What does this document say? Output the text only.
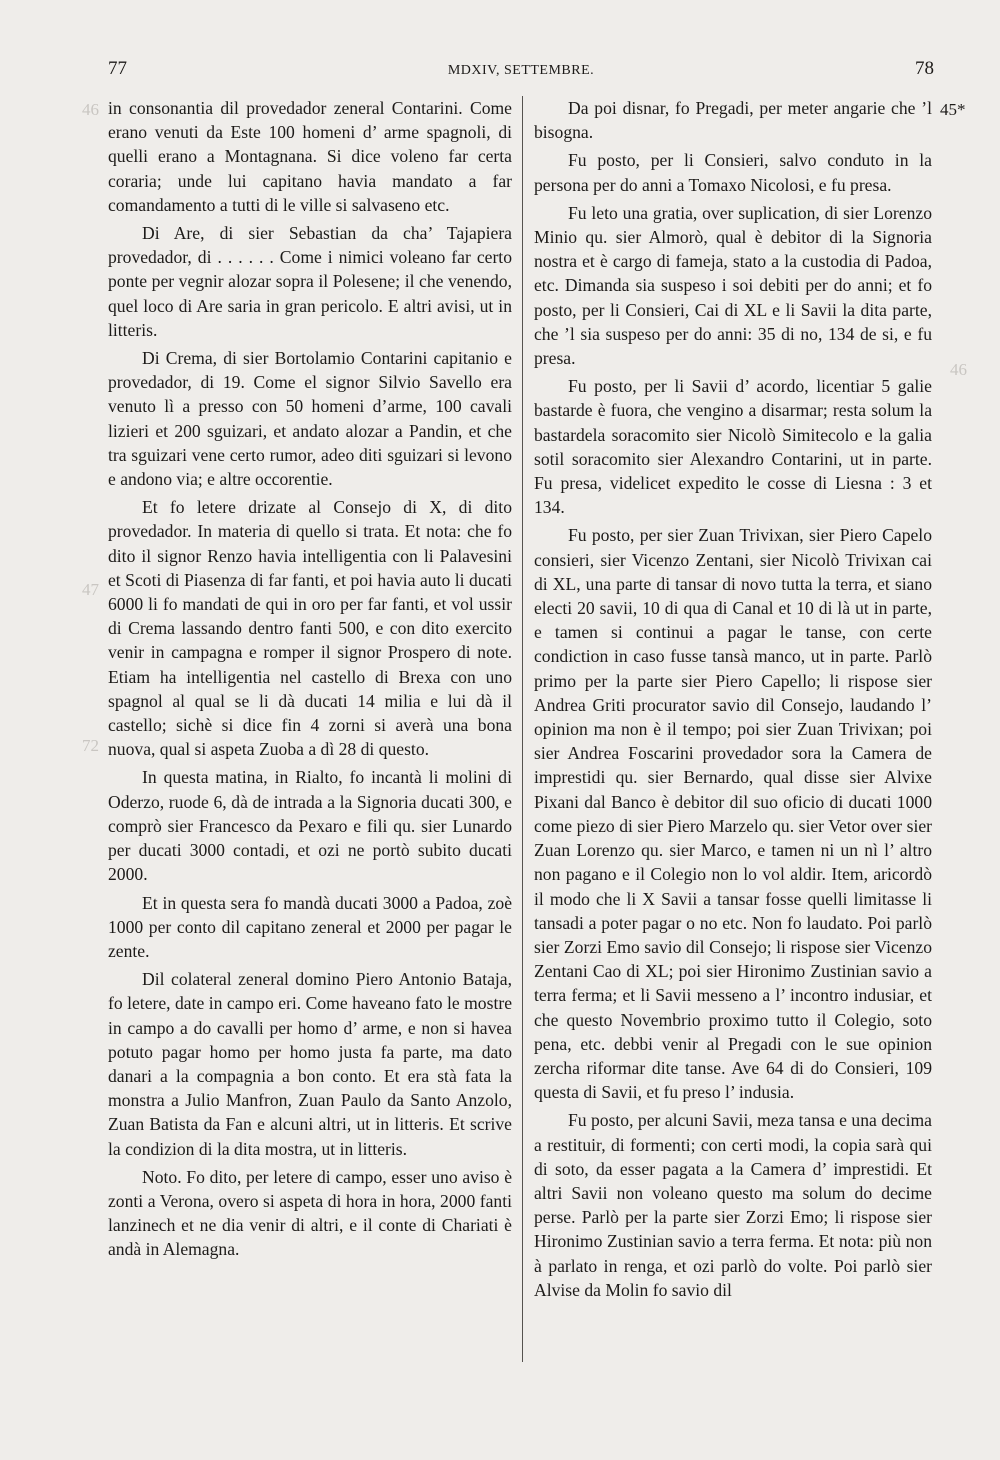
77	MDXIV, SETTEMBRE.	78
45*
46
46
47
72

in consonantia dil provedador zeneral Contarini. Come erano venuti da Este 100 homeni d’ arme spagnoli, di quelli erano a Montagnana. Si dice voleno far certa coraria; unde lui capitano havia mandato a far comandamento a tutti di le ville si salvaseno etc.

Di Are, di sier Sebastian da cha’ Tajapiera provedador, di . . . . . . Come i nimici voleano far certo ponte per vegnir alozar sopra il Polesene; il che venendo, quel loco di Are saria in gran pericolo. E altri avisi, ut in litteris.

Di Crema, di sier Bortolamio Contarini capitanio e provedador, di 19. Come el signor Silvio Savello era venuto lì a presso con 50 homeni d’arme, 100 cavali lizieri et 200 sguizari, et andato alozar a Pandin, et che tra sguizari vene certo rumor, adeo diti sguizari si levono e andono via; e altre occorentie.

Et fo letere drizate al Consejo di X, di dito provedador. In materia di quello si trata. Et nota: che fo dito il signor Renzo havia intelligentia con li Palavesini et Scoti di Piasenza di far fanti, et poi havia auto li ducati 6000 li fo mandati de qui in oro per far fanti, et vol ussir di Crema lassando dentro fanti 500, e con dito exercito venir in campagna e romper il signor Prospero di note. Etiam ha intelligentia nel castello di Brexa con uno spagnol al qual se li dà ducati 14 milia e lui dà il castello; sichè si dice fin 4 zorni si averà una bona nuova, qual si aspeta Zuoba a dì 28 di questo.

In questa matina, in Rialto, fo incantà li molini di Oderzo, ruode 6, dà de intrada a la Signoria ducati 300, e comprò sier Francesco da Pexaro e fili qu. sier Lunardo per ducati 3000 contadi, et ozi ne portò subito ducati 2000.

Et in questa sera fo mandà ducati 3000 a Padoa, zoè 1000 per conto dil capitano zeneral et 2000 per pagar le zente.

Dil colateral zeneral domino Piero Antonio Bataja, fo letere, date in campo eri. Come haveano fato le mostre in campo a do cavalli per homo d’ arme, e non si havea potuto pagar homo per homo justa fa parte, ma dato danari a la compagnia a bon conto. Et era stà fata la monstra a Julio Manfron, Zuan Paulo da Santo Anzolo, Zuan Batista da Fan e alcuni altri, ut in litteris. Et scrive la condizion di la dita mostra, ut in litteris.

Noto. Fo dito, per letere di campo, esser uno aviso è zonti a Verona, overo si aspeta di hora in hora, 2000 fanti lanzinech et ne dia venir di altri, e il conte di Chariati è andà in Alemagna.

Da poi disnar, fo Pregadi, per meter angarie che ’l bisogna.

Fu posto, per li Consieri, salvo conduto in la persona per do anni a Tomaxo Nicolosi, e fu presa.

Fu leto una gratia, over suplication, di sier Lorenzo Minio qu. sier Almorò, qual è debitor di la Signoria nostra et è cargo di fameja, stato a la custodia di Padoa, etc. Dimanda sia suspeso i soi debiti per do anni; et fo posto, per li Consieri, Cai di XL e li Savii la dita parte, che ’l sia suspeso per do anni: 35 di no, 134 de si, e fu presa.

Fu posto, per li Savii d’ acordo, licentiar 5 galie bastarde è fuora, che vengino a disarmar; resta solum la bastardela soracomito sier Nicolò Simitecolo e la galia sotil soracomito sier Alexandro Contarini, ut in parte. Fu presa, videlicet expedito le cosse di Liesna : 3 et 134.

Fu posto, per sier Zuan Trivixan, sier Piero Capelo consieri, sier Vicenzo Zentani, sier Nicolò Trivixan cai di XL, una parte di tansar di novo tutta la terra, et siano electi 20 savii, 10 di qua di Canal et 10 di là ut in parte, e tamen si continui a pagar le tanse, con certe condiction in caso fusse tansà manco, ut in parte. Parlò primo per la parte sier Piero Capello; li rispose sier Andrea Griti procurator savio dil Consejo, laudando l’ opinion ma non è il tempo; poi sier Zuan Trivixan; poi sier Andrea Foscarini provedador sora la Camera de imprestidi qu. sier Bernardo, qual disse sier Alvixe Pixani dal Banco è debitor dil suo oficio di ducati 1000 come piezo di sier Piero Marzelo qu. sier Vetor over sier Zuan Lorenzo qu. sier Marco, e tamen ni un nì l’ altro non pagano e il Colegio non lo vol aldir. Item, aricordò il modo che li X Savii a tansar fosse quelli limitasse li tansadi a poter pagar o no etc. Non fo laudato. Poi parlò sier Zorzi Emo savio dil Consejo; li rispose sier Vicenzo Zentani Cao di XL; poi sier Hironimo Zustinian savio a terra ferma; et li Savii messeno a l’ incontro indusiar, et che questo Novembrio proximo tutto il Colegio, soto pena, etc. debbi venir al Pregadi con le sue opinion zercha riformar dite tanse. Ave 64 di do Consieri, 109 questa di Savii, et fu preso l’ indusia.

Fu posto, per alcuni Savii, meza tansa e una decima a restituir, di formenti; con certi modi, la copia sarà qui di soto, da esser pagata a la Camera d’ imprestidi. Et altri Savii non voleano questo ma solum do decime perse. Parlò per la parte sier Zorzi Emo; li rispose sier Hironimo Zustinian savio a terra ferma. Et nota: più non à parlato in renga, et ozi parlò do volte. Poi parlò sier Alvise da Molin fo savio dil
